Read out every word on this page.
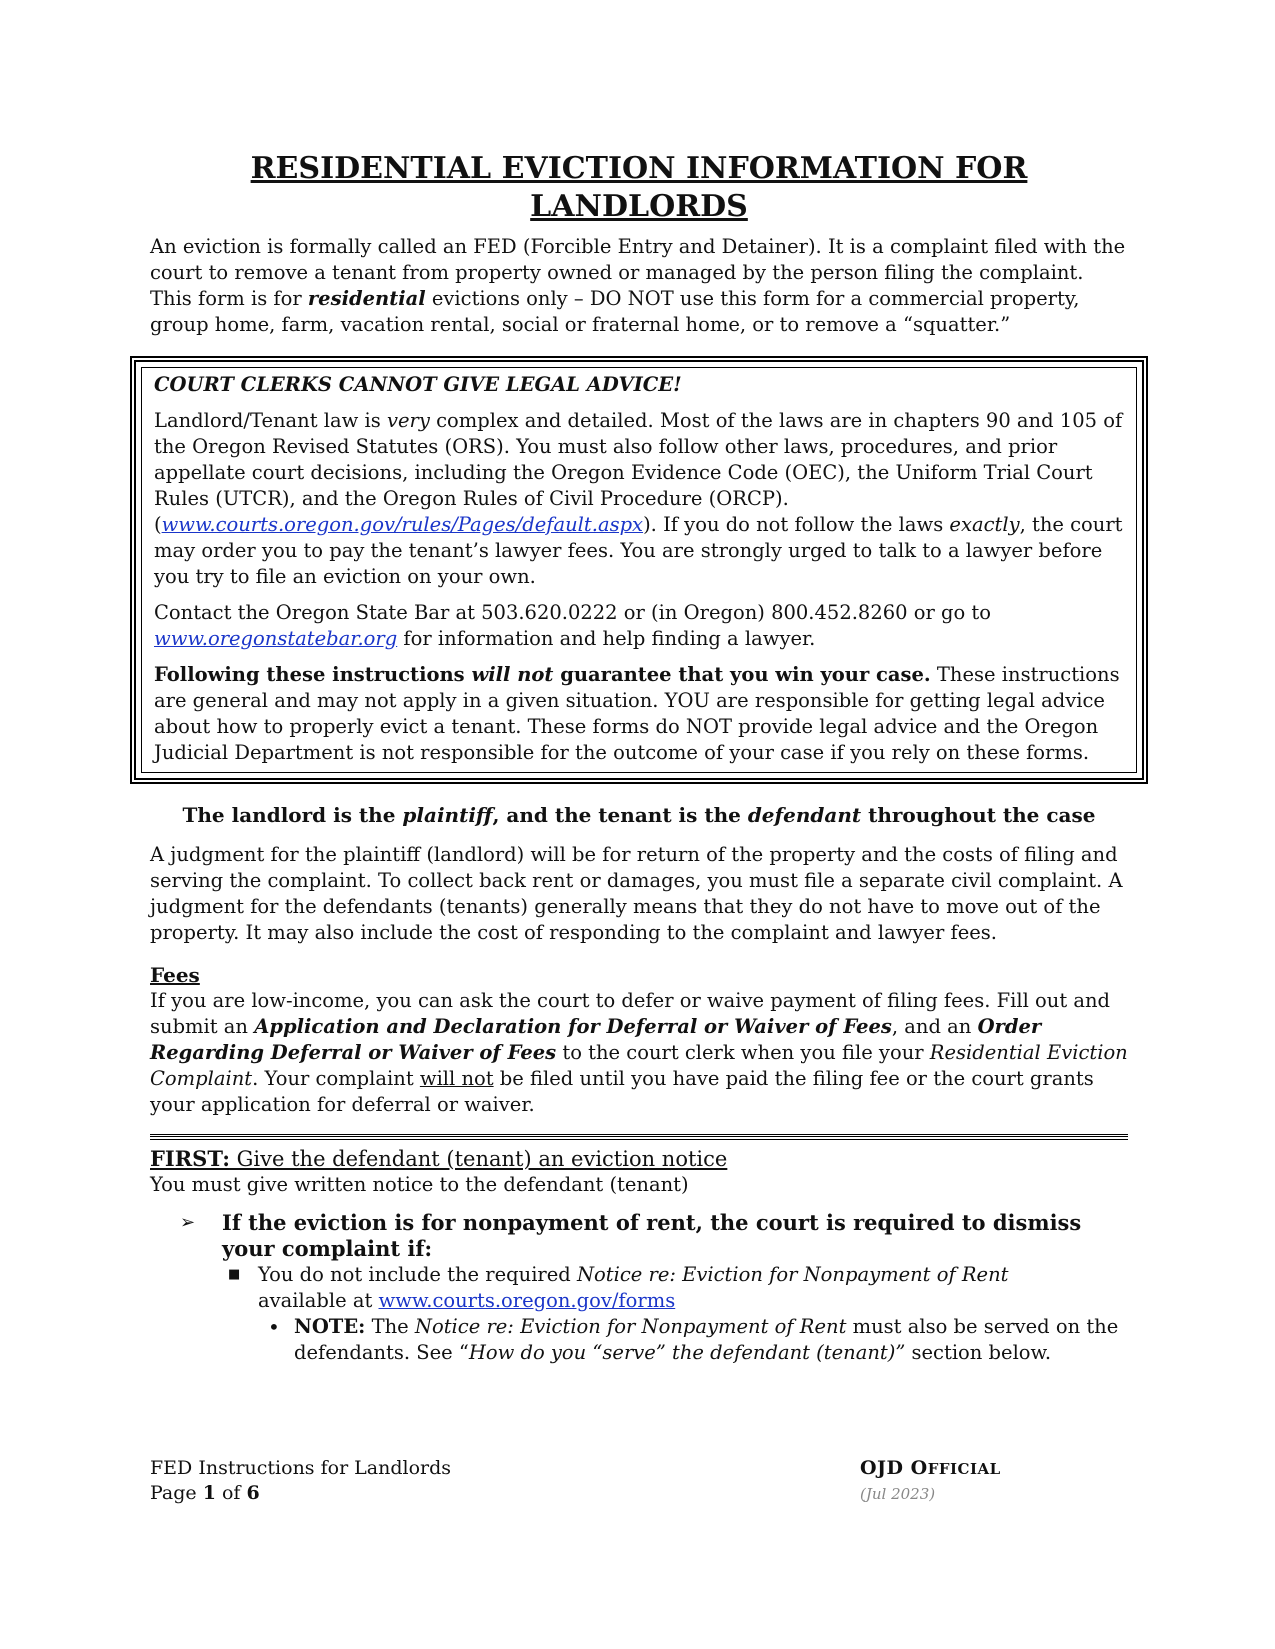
RESIDENTIAL EVICTION INFORMATION FOR
LANDLORDS

An eviction is formally called an FED (Forcible Entry and Detainer). It is a complaint filed with the court to remove a tenant from property owned or managed by the person filing the complaint. This form is for residential evictions only – DO NOT use this form for a commercial property, group home, farm, vacation rental, social or fraternal home, or to remove a “squatter.”

COURT CLERKS CANNOT GIVE LEGAL ADVICE!

Landlord/Tenant law is very complex and detailed. Most of the laws are in chapters 90 and 105 of the Oregon Revised Statutes (ORS). You must also follow other laws, procedures, and prior appellate court decisions, including the Oregon Evidence Code (OEC), the Uniform Trial Court Rules (UTCR), and the Oregon Rules of Civil Procedure (ORCP). (www.courts.oregon.gov/rules/Pages/default.aspx). If you do not follow the laws exactly, the court may order you to pay the tenant’s lawyer fees. You are strongly urged to talk to a lawyer before you try to file an eviction on your own.

Contact the Oregon State Bar at 503.620.0222 or (in Oregon) 800.452.8260 or go to www.oregonstatebar.org for information and help finding a lawyer.

Following these instructions will not guarantee that you win your case. These instructions are general and may not apply in a given situation. YOU are responsible for getting legal advice about how to properly evict a tenant. These forms do NOT provide legal advice and the Oregon Judicial Department is not responsible for the outcome of your case if you rely on these forms.

The landlord is the plaintiff, and the tenant is the defendant throughout the case

A judgment for the plaintiff (landlord) will be for return of the property and the costs of filing and serving the complaint. To collect back rent or damages, you must file a separate civil complaint. A judgment for the defendants (tenants) generally means that they do not have to move out of the property. It may also include the cost of responding to the complaint and lawyer fees.

Fees

If you are low-income, you can ask the court to defer or waive payment of filing fees. Fill out and submit an Application and Declaration for Deferral or Waiver of Fees, and an Order Regarding Deferral or Waiver of Fees to the court clerk when you file your Residential Eviction Complaint. Your complaint will not be filed until you have paid the filing fee or the court grants your application for deferral or waiver.

FIRST: Give the defendant (tenant) an eviction notice

You must give written notice to the defendant (tenant)

➢ If the eviction is for nonpayment of rent, the court is required to dismiss your complaint if:

■ You do not include the required Notice re: Eviction for Nonpayment of Rent
available at www.courts.oregon.gov/forms

• NOTE: The Notice re: Eviction for Nonpayment of Rent must also be served on the defendants. See “How do you “serve” the defendant (tenant)” section below.

FED Instructions for Landlords
Page 1 of 6
OJD OFFICIAL
(Jul 2023)
